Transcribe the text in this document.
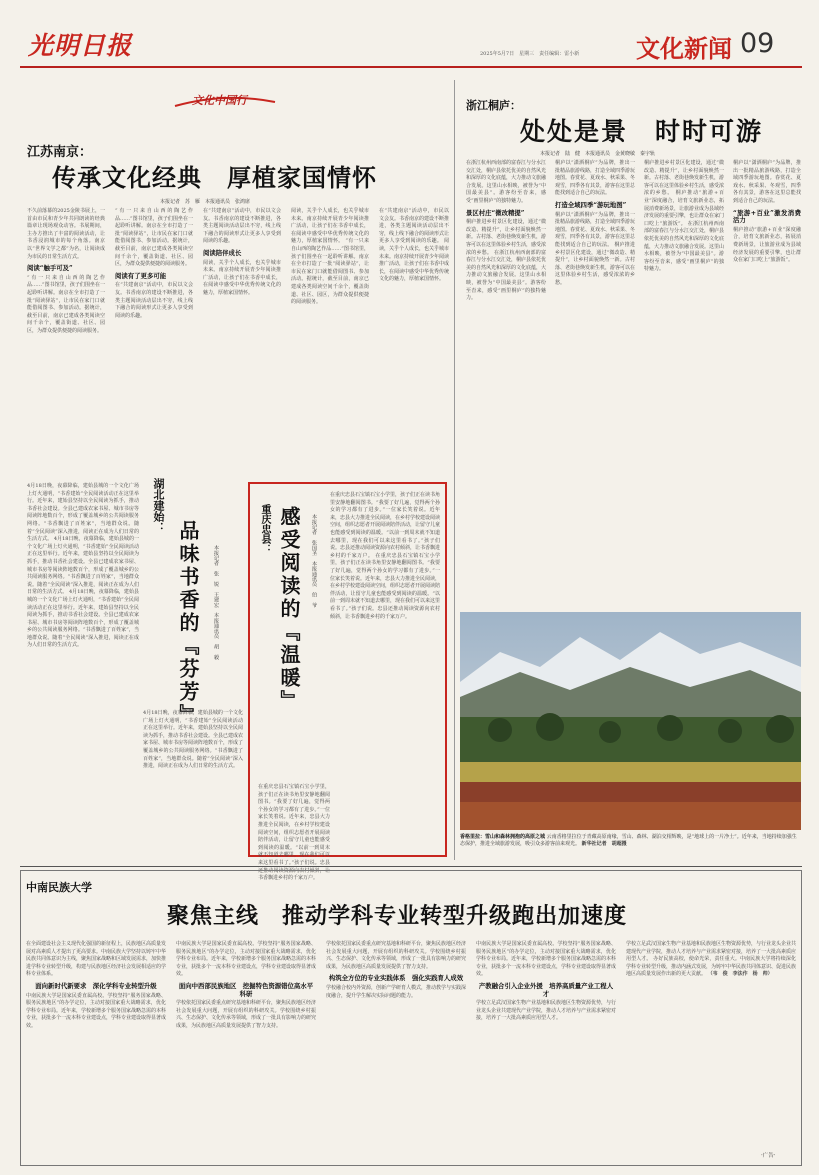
光明日报	2025年5月7日　星期三　责任编辑：雷小新 文化新闻 09
文化中国行
江苏南京：
传承文化经典　厚植家国情怀
本报记者　苏　雁　本报通讯员　张鸿席
不久前落幕的2025金陵书展上，一首由市民和青少年共同朗读的经典篇章让现场观众动容。书展期间，主办方推出了丰富的阅读活动，让书香浸润城市的每个角落。南京以“世界文学之都”为名，让阅读成为市民的日常生活方式。
阅读“触手可及”
“有一只来自山西的陶艺作品……”图书馆里，孩子们围坐在一起聆听讲解。南京在全市打造了一批“阅读驿站”，让市民在家门口就能借阅图书、参加活动。据统计，截至目前，南京已建成各类阅读空间千余个，覆盖街道、社区、园区，为群众提供便捷的阅读服务。
“有一只来自山西的陶艺作品……”图书馆里，孩子们围坐在一起聆听讲解。南京在全市打造了一批“阅读驿站”，让市民在家门口就能借阅图书、参加活动。据统计，截至目前，南京已建成各类阅读空间千余个，覆盖街道、社区、园区，为群众提供便捷的阅读服务。
阅读有了更多可能
在“共建南京”活动中，市民以文会友。书香南京的建设不断推进，各类主题阅读活动层出不穷，线上线下融合的阅读形式让更多人享受到阅读的乐趣。
在“共建南京”活动中，市民以文会友。书香南京的建设不断推进，各类主题阅读活动层出不穷，线上线下融合的阅读形式让更多人享受到阅读的乐趣。
阅读陪伴成长
阅读，关乎个人成长，也关乎城市未来。南京持续开展青少年阅读推广活动，让孩子们在书香中成长，在阅读中感受中华优秀传统文化的魅力，厚植家国情怀。
阅读，关乎个人成长，也关乎城市未来。南京持续开展青少年阅读推广活动，让孩子们在书香中成长，在阅读中感受中华优秀传统文化的魅力，厚植家国情怀。 “有一只来自山西的陶艺作品……”图书馆里，孩子们围坐在一起聆听讲解。南京在全市打造了一批“阅读驿站”，让市民在家门口就能借阅图书、参加活动。据统计，截至目前，南京已建成各类阅读空间千余个，覆盖街道、社区、园区，为群众提供便捷的阅读服务。
在“共建南京”活动中，市民以文会友。书香南京的建设不断推进，各类主题阅读活动层出不穷，线上线下融合的阅读形式让更多人享受到阅读的乐趣。 阅读，关乎个人成长，也关乎城市未来。南京持续开展青少年阅读推广活动，让孩子们在书香中成长，在阅读中感受中华优秀传统文化的魅力，厚植家国情怀。
4月18日晚，夜幕降临，建始县城的一个文化广场上灯火通明，“书香建始”全民阅读活动正在这里举行。近年来，建始县坚持以全民阅读为抓手，推动书香社会建设。全县已建成农家书屋、城市书房等阅读阵地数百个，形成了覆盖城乡的公共阅读服务网络。“书香飘进了百姓家”，当地群众说。随着“全民阅读”深入推进，阅读正在成为人们日常的生活方式。 4月18日晚，夜幕降临，建始县城的一个文化广场上灯火通明，“书香建始”全民阅读活动正在这里举行。近年来，建始县坚持以全民阅读为抓手，推动书香社会建设。全县已建成农家书屋、城市书房等阅读阵地数百个，形成了覆盖城乡的公共阅读服务网络。“书香飘进了百姓家”，当地群众说。随着“全民阅读”深入推进，阅读正在成为人们日常的生活方式。 4月18日晚，夜幕降临，建始县城的一个文化广场上灯火通明，“书香建始”全民阅读活动正在这里举行。近年来，建始县坚持以全民阅读为抓手，推动书香社会建设。全县已建成农家书屋、城市书房等阅读阵地数百个，形成了覆盖城乡的公共阅读服务网络。“书香飘进了百姓家”，当地群众说。随着“全民阅读”深入推进，阅读正在成为人们日常的生活方式。
湖北建始：
品味书香的『芬芳』	本报记者　张　锐　王建宏　本报通讯员　胡　毅
4月18日晚，夜幕降临，建始县城的一个文化广场上灯火通明，“书香建始”全民阅读活动正在这里举行。近年来，建始县坚持以全民阅读为抓手，推动书香社会建设。全县已建成农家书屋、城市书房等阅读阵地数百个，形成了覆盖城乡的公共阅读服务网络。“书香飘进了百姓家”，当地群众说。随着“全民阅读”深入推进，阅读正在成为人们日常的生活方式。
重庆忠县： 感受阅读的『温暖』	本报记者　张国圣　本报通讯员　伯　爷
在重庆忠县石宝镇石宝小学里，孩子们正在读书角里安静地翻阅图书。“我要了好几遍，觉得两个孙女的学习都有了进步。”一位家长笑着说。近年来，忠县大力推进全民阅读，在乡村学校建设阅读空间，组织志愿者开展阅读陪伴活动，让留守儿童也能感受到阅读的温暖。“以前一到周末就不知道去哪里，现在我们可以来这里看书了。”孩子们说。忠县还推动阅读资源向农村倾斜，让书香飘进乡村的千家万户。 在重庆忠县石宝镇石宝小学里，孩子们正在读书角里安静地翻阅图书。“我要了好几遍，觉得两个孙女的学习都有了进步。”一位家长笑着说。近年来，忠县大力推进全民阅读，在乡村学校建设阅读空间，组织志愿者开展阅读陪伴活动，让留守儿童也能感受到阅读的温暖。“以前一到周末就不知道去哪里，现在我们可以来这里看书了。”孩子们说。忠县还推动阅读资源向农村倾斜，让书香飘进乡村的千家万户。
在重庆忠县石宝镇石宝小学里，孩子们正在读书角里安静地翻阅图书。“我要了好几遍，觉得两个孙女的学习都有了进步。”一位家长笑着说。近年来，忠县大力推进全民阅读，在乡村学校建设阅读空间，组织志愿者开展阅读陪伴活动，让留守儿童也能感受到阅读的温暖。“以前一到周末就不知道去哪里，现在我们可以来这里看书了。”孩子们说。忠县还推动阅读资源向农村倾斜，让书香飘进乡村的千家万户。
浙江桐庐：
处处是景　时时可游
本报记者　陆　健　本报通讯员　金黄晓敏　秦宇轨
在浙江杭州西南部的富春江与分水江交汇处，桐庐县依托优美的自然风光和深厚的文化底蕴，大力推动文旅融合发展。这里山水相映，被誉为“中国最美县”。游客纷至沓来，感受“画里桐庐”的独特魅力。
景区村庄“微改精提”
桐庐推进乡村景区化建设，通过“微改造、精提升”，让乡村面貌焕然一新。古村落、老街巷焕发新生机，游客可以在这里体验乡村生活，感受浓浓的乡愁。 在浙江杭州西南部的富春江与分水江交汇处，桐庐县依托优美的自然风光和深厚的文化底蕴，大力推动文旅融合发展。这里山水相映，被誉为“中国最美县”。游客纷至沓来，感受“画里桐庐”的独特魅力。
桐庐以“潇洒桐庐”为品牌，推出一批精品旅游线路，打造全域四季游玩地图。春赏花、夏戏水、秋采果、冬观雪，四季各有其景，游客在这里总能找到适合自己的玩法。
打造全域四季“游玩地图”
桐庐以“潇洒桐庐”为品牌，推出一批精品旅游线路，打造全域四季游玩地图。春赏花、夏戏水、秋采果、冬观雪，四季各有其景，游客在这里总能找到适合自己的玩法。 桐庐推进乡村景区化建设，通过“微改造、精提升”，让乡村面貌焕然一新。古村落、老街巷焕发新生机，游客可以在这里体验乡村生活，感受浓浓的乡愁。
桐庐推进乡村景区化建设，通过“微改造、精提升”，让乡村面貌焕然一新。古村落、老街巷焕发新生机，游客可以在这里体验乡村生活，感受浓浓的乡愁。 桐庐推动“旅游+百业”深度融合，培育文旅新业态，拓展消费新场景，让旅游业成为县域经济发展的重要引擎，也让群众在家门口吃上“旅游饭”。 在浙江杭州西南部的富春江与分水江交汇处，桐庐县依托优美的自然风光和深厚的文化底蕴，大力推动文旅融合发展。这里山水相映，被誉为“中国最美县”。游客纷至沓来，感受“画里桐庐”的独特魅力。
桐庐以“潇洒桐庐”为品牌，推出一批精品旅游线路，打造全域四季游玩地图。春赏花、夏戏水、秋采果、冬观雪，四季各有其景，游客在这里总能找到适合自己的玩法。
“旅游+百业”激发消费活力
桐庐推动“旅游+百业”深度融合，培育文旅新业态，拓展消费新场景，让旅游业成为县域经济发展的重要引擎，也让群众在家门口吃上“旅游饭”。
香格里拉：雪山和森林拥抱的高原之城 云南香格里拉位于青藏高原南缘，雪山、森林、湖泊交相辉映，是“地球上的一片净土”。近年来，当地持续加强生态保护，推进全域旅游发展，吸引众多游客前来观光。 新华社记者　胡超摄
中南民族大学
聚焦主线　推动学科专业转型升级跑出加速度
在全面建设社会主义现代化强国的新征程上，民族地区高质量发展对高素质人才提出了更高要求。中南民族大学坚持以铸牢中华民族共同体意识为主线，聚焦国家战略和区域发展需求，加快推进学科专业转型升级，构建与民族地区经济社会发展相适应的学科专业体系。
面向新时代新要求　深化学科专业转型升级
中南民族大学是国家民委直属高校。学校坚持“服务国家战略、服务民族地区”的办学定位，主动对接国家重大战略需求，优化学科专业布局。近年来，学校新增多个服务国家战略急需的本科专业，获批多个一流本科专业建设点，学科专业建设取得显著成效。
中南民族大学是国家民委直属高校。学校坚持“服务国家战略、服务民族地区”的办学定位，主动对接国家重大战略需求，优化学科专业布局。近年来，学校新增多个服务国家战略急需的本科专业，获批多个一流本科专业建设点，学科专业建设取得显著成效。
面向中西部民族地区　挖掘特色资源错位高水平科研
学校依托国家民委重点研究基地和科研平台，聚焦民族地区经济社会发展重大问题，开展有组织的科研攻关。学校围绕乡村振兴、生态保护、文化传承等领域，形成了一批具有影响力的研究成果，为民族地区高质量发展提供了智力支持。
学校依托国家民委重点研究基地和科研平台，聚焦民族地区经济社会发展重大问题，开展有组织的科研攻关。学校围绕乡村振兴、生态保护、文化传承等领域，形成了一批具有影响力的研究成果，为民族地区高质量发展提供了智力支持。
构筑全方位的专业实践体系　强化实践育人成效
学校融合校内外资源，创新产学研育人模式，推动教学与实践深度融合，提升学生解决实际问题的能力。
中南民族大学是国家民委直属高校。学校坚持“服务国家战略、服务民族地区”的办学定位，主动对接国家重大战略需求，优化学科专业布局。近年来，学校新增多个服务国家战略急需的本科专业，获批多个一流本科专业建设点，学科专业建设取得显著成效。
产教融合引入企业外援　培养高质量产业工程人才
学校立足武汉国家生物产业基地和民族地区生物资源优势，与行业龙头企业共建现代产业学院，推动人才培养与产业需求紧密对接，培养了一大批高素质应用型人才。
学校立足武汉国家生物产业基地和民族地区生物资源优势，与行业龙头企业共建现代产业学院，推动人才培养与产业需求紧密对接，培养了一大批高素质应用型人才。 办好民族高校，使命光荣，责任重大。中南民族大学将持续深化学科专业转型升级，推动内涵式发展，为铸牢中华民族共同体意识、促进民族地区高质量发展作出新的更大贡献。 （韦　俊　李法作　杨　帅）
·广告·
